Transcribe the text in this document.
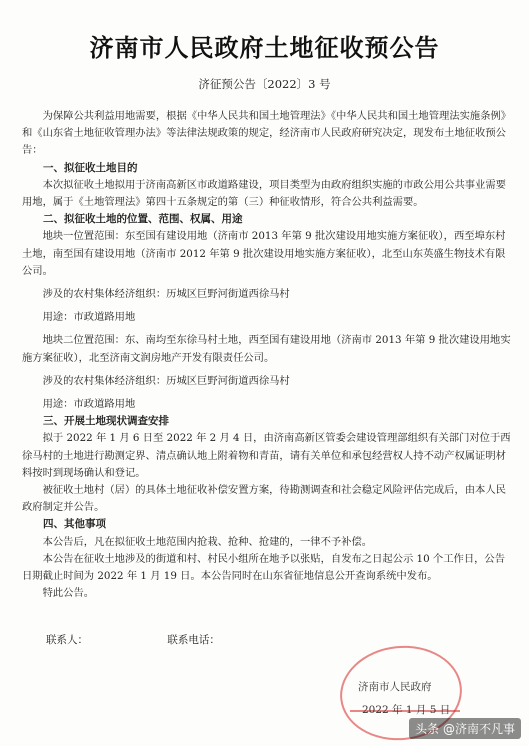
济南市人民政府土地征收预公告
济征预公告〔2022〕3 号

为保障公共利益用地需要，根据《中华人民共和国土地管理法》《中华人民共和国土地管理法实施条例》和《山东省土地征收管理办法》等法律法规政策的规定，经济南市人民政府研究决定，现发布土地征收预公告：

一、拟征收土地目的

本次拟征收土地拟用于济南高新区市政道路建设，项目类型为由政府组织实施的市政公用公共事业需要用地，属于《土地管理法》第四十五条规定的第（三）种征收情形，符合公共利益需要。

二、拟征收土地的位置、范围、权属、用途

地块一位置范围：东至国有建设用地（济南市 2013 年第 9 批次建设用地实施方案征收），西至埠东村土地，南至国有建设用地（济南市 2012 年第 9 批次建设用地实施方案征收），北至山东英盛生物技术有限公司。

涉及的农村集体经济组织：历城区巨野河街道西徐马村

用途：市政道路用地

地块二位置范围：东、南均至东徐马村土地，西至国有建设用地（济南市 2013 年第 9 批次建设用地实施方案征收），北至济南文润房地产开发有限责任公司。

涉及的农村集体经济组织：历城区巨野河街道西徐马村

用途：市政道路用地

三、开展土地现状调查安排

拟于 2022 年 1 月 6 日至 2022 年 2 月 4 日，由济南高新区管委会建设管理部组织有关部门对位于西徐马村的土地进行勘测定界、清点确认地上附着物和青苗，请有关单位和承包经营权人持不动产权属证明材料按时到现场确认和登记。

被征收土地村（居）的具体土地征收补偿安置方案，待勘测调查和社会稳定风险评估完成后，由本人民政府制定并公告。

四、其他事项

本公告后，凡在拟征收土地范围内抢栽、抢种、抢建的，一律不予补偿。

本公告在征收土地涉及的街道和村、村民小组所在地予以张贴，自发布之日起公示 10 个工作日，公告日期截止时间为 2022 年 1 月 19 日。本公告同时在山东省征地信息公开查询系统中发布。

特此公告。

联系人：	联系电话：
济南市人民政府
2022 年 1 月 5 日
头条 @济南不凡事
